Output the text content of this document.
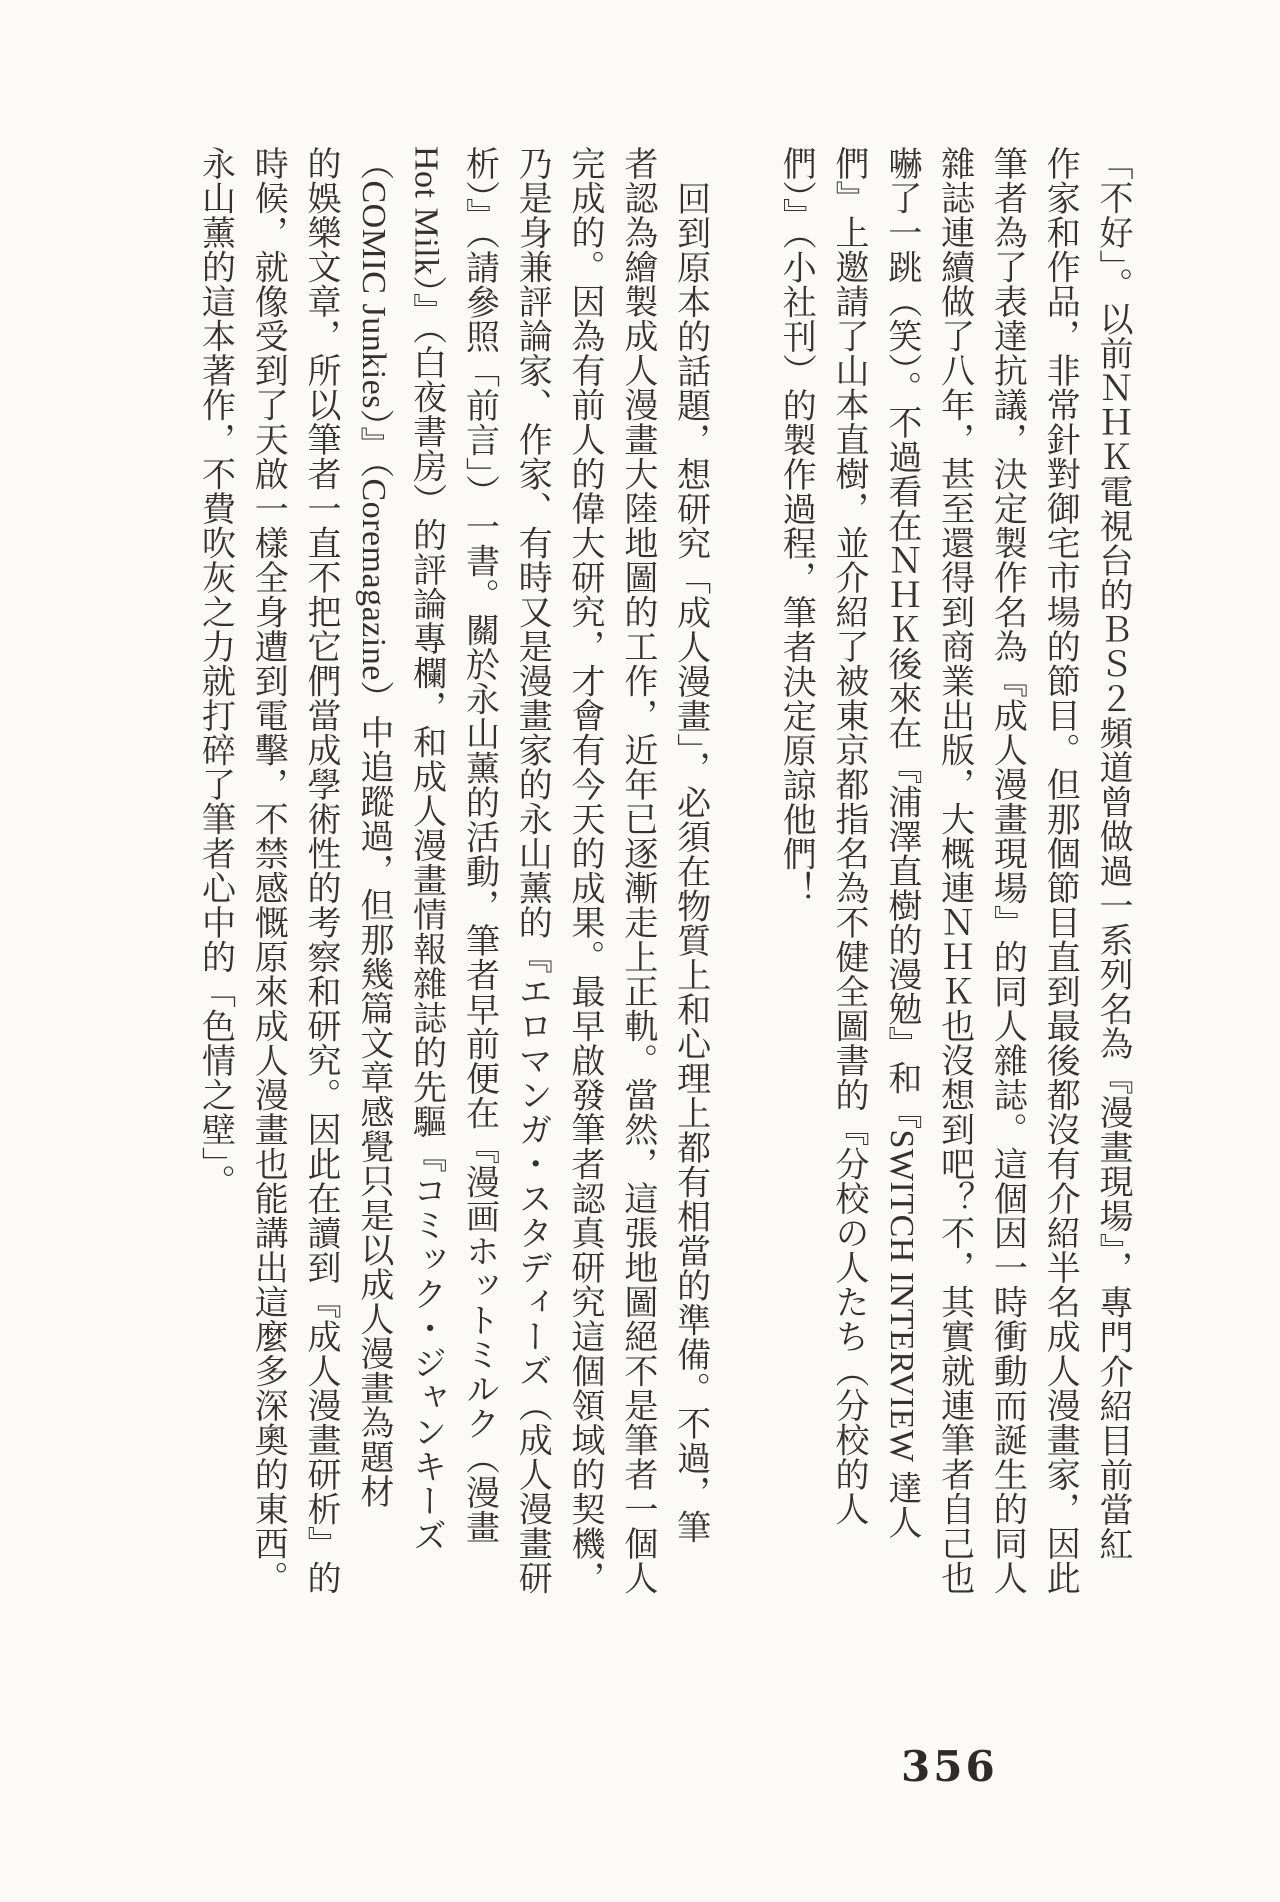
「不好」。以前ＮＨＫ電視台的ＢＳ２頻道曾做過一系列名為『漫畫現場』，專門介紹目前當紅
作家和作品，非常針對御宅市場的節目。但那個節目直到最後都沒有介紹半名成人漫畫家，因此
筆者為了表達抗議，決定製作名為『成人漫畫現場』的同人雜誌。這個因一時衝動而誕生的同人
雜誌連續做了八年，甚至還得到商業出版，大概連ＮＨＫ也沒想到吧？不，其實就連筆者自己也
嚇了一跳（笑）。不過看在ＮＨＫ後來在『浦澤直樹的漫勉』和『SWITCH INTERVIEW 達人
們』上邀請了山本直樹，並介紹了被東京都指名為不健全圖書的『分校の人たち（分校的人
們）』（小社刊）的製作過程，筆者決定原諒他們！
回到原本的話題，想研究「成人漫畫」，必須在物質上和心理上都有相當的準備。不過，筆
者認為繪製成人漫畫大陸地圖的工作，近年已逐漸走上正軌。當然，這張地圖絕不是筆者一個人
完成的。因為有前人的偉大研究，才會有今天的成果。最早啟發筆者認真研究這個領域的契機，
乃是身兼評論家、作家、有時又是漫畫家的永山薰的『エロマンガ・スタディーズ（成人漫畫研
析）』（請參照「前言」）一書。關於永山薰的活動，筆者早前便在『漫画ホットミルク（漫畫
Hot Milk）』（白夜書房）的評論專欄，和成人漫畫情報雜誌的先驅『コミック・ジャンキーズ
（COMIC Junkies）』（Coremagazine）中追蹤過，但那幾篇文章感覺只是以成人漫畫為題材
的娛樂文章，所以筆者一直不把它們當成學術性的考察和研究。因此在讀到『成人漫畫研析』的
時候，就像受到了天啟一樣全身遭到電擊，不禁感慨原來成人漫畫也能講出這麼多深奧的東西。
永山薰的這本著作，不費吹灰之力就打碎了筆者心中的「色情之壁」。
356
